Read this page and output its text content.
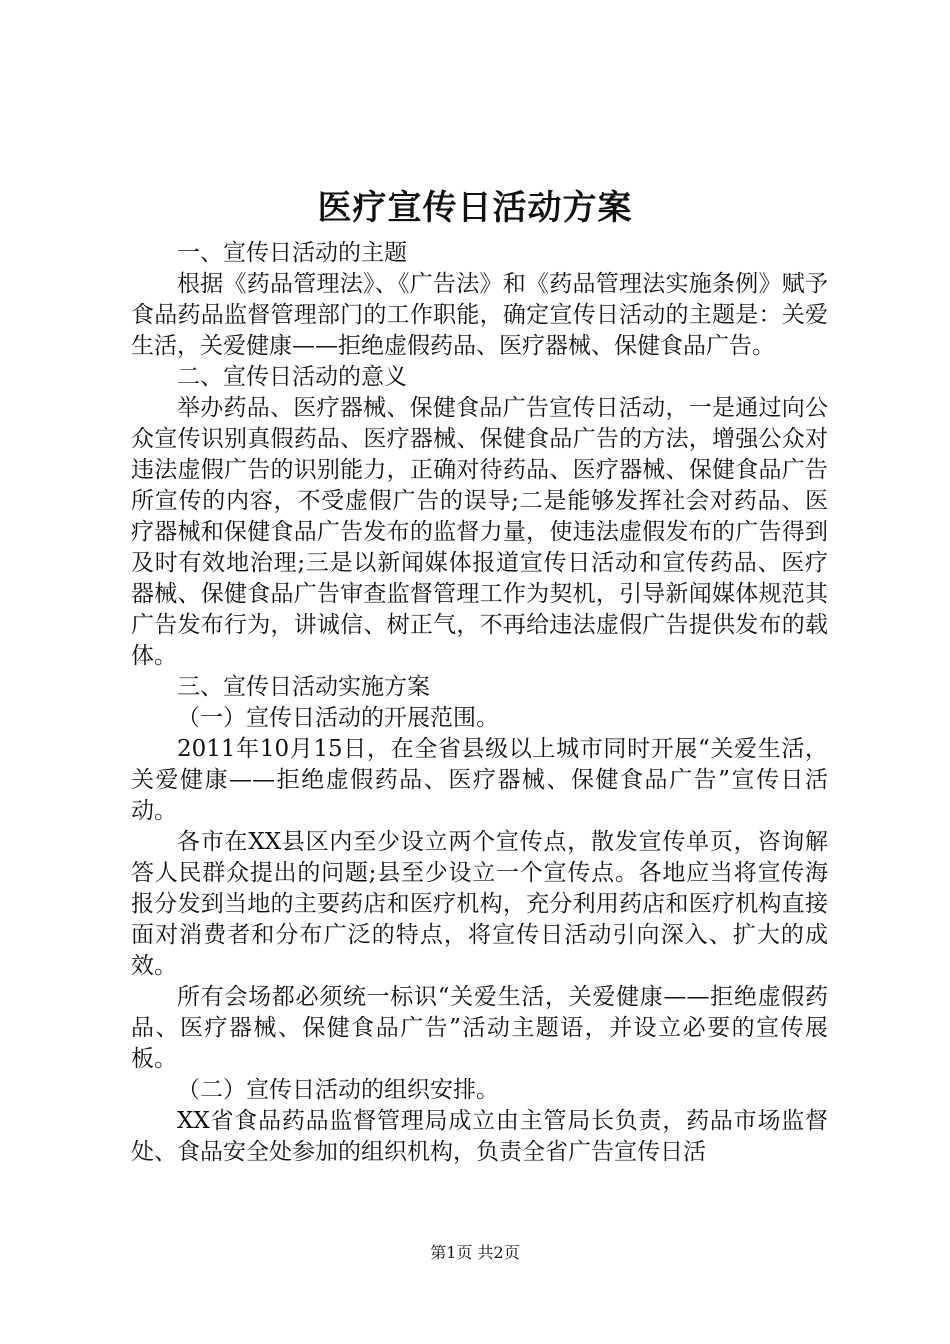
医疗宣传日活动方案

一、宣传日活动的主题

根据《药品管理法》、《广告法》和《药品管理法实施条例》赋予食品药品监督管理部门的工作职能，确定宣传日活动的主题是：关爱生活，关爱健康——拒绝虚假药品、医疗器械、保健食品广告。

二、宣传日活动的意义

举办药品、医疗器械、保健食品广告宣传日活动，一是通过向公众宣传识别真假药品、医疗器械、保健食品广告的方法，增强公众对违法虚假广告的识别能力，正确对待药品、医疗器械、保健食品广告所宣传的内容，不受虚假广告的误导;二是能够发挥社会对药品、医疗器械和保健食品广告发布的监督力量，使违法虚假发布的广告得到及时有效地治理;三是以新闻媒体报道宣传日活动和宣传药品、医疗器械、保健食品广告审查监督管理工作为契机，引导新闻媒体规范其广告发布行为，讲诚信、树正气，不再给违法虚假广告提供发布的载体。

三、宣传日活动实施方案

（一）宣传日活动的开展范围。

2011年10月15日，在全省县级以上城市同时开展“关爱生活，关爱健康——拒绝虚假药品、医疗器械、保健食品广告”宣传日活动。

各市在XX县区内至少设立两个宣传点，散发宣传单页，咨询解答人民群众提出的问题;县至少设立一个宣传点。各地应当将宣传海报分发到当地的主要药店和医疗机构，充分利用药店和医疗机构直接面对消费者和分布广泛的特点，将宣传日活动引向深入、扩大的成效。

所有会场都必须统一标识“关爱生活，关爱健康——拒绝虚假药品、医疗器械、保健食品广告”活动主题语，并设立必要的宣传展板。

（二）宣传日活动的组织安排。

XX省食品药品监督管理局成立由主管局长负责，药品市场监督处、食品安全处参加的组织机构，负责全省广告宣传日活

第1页 共2页
